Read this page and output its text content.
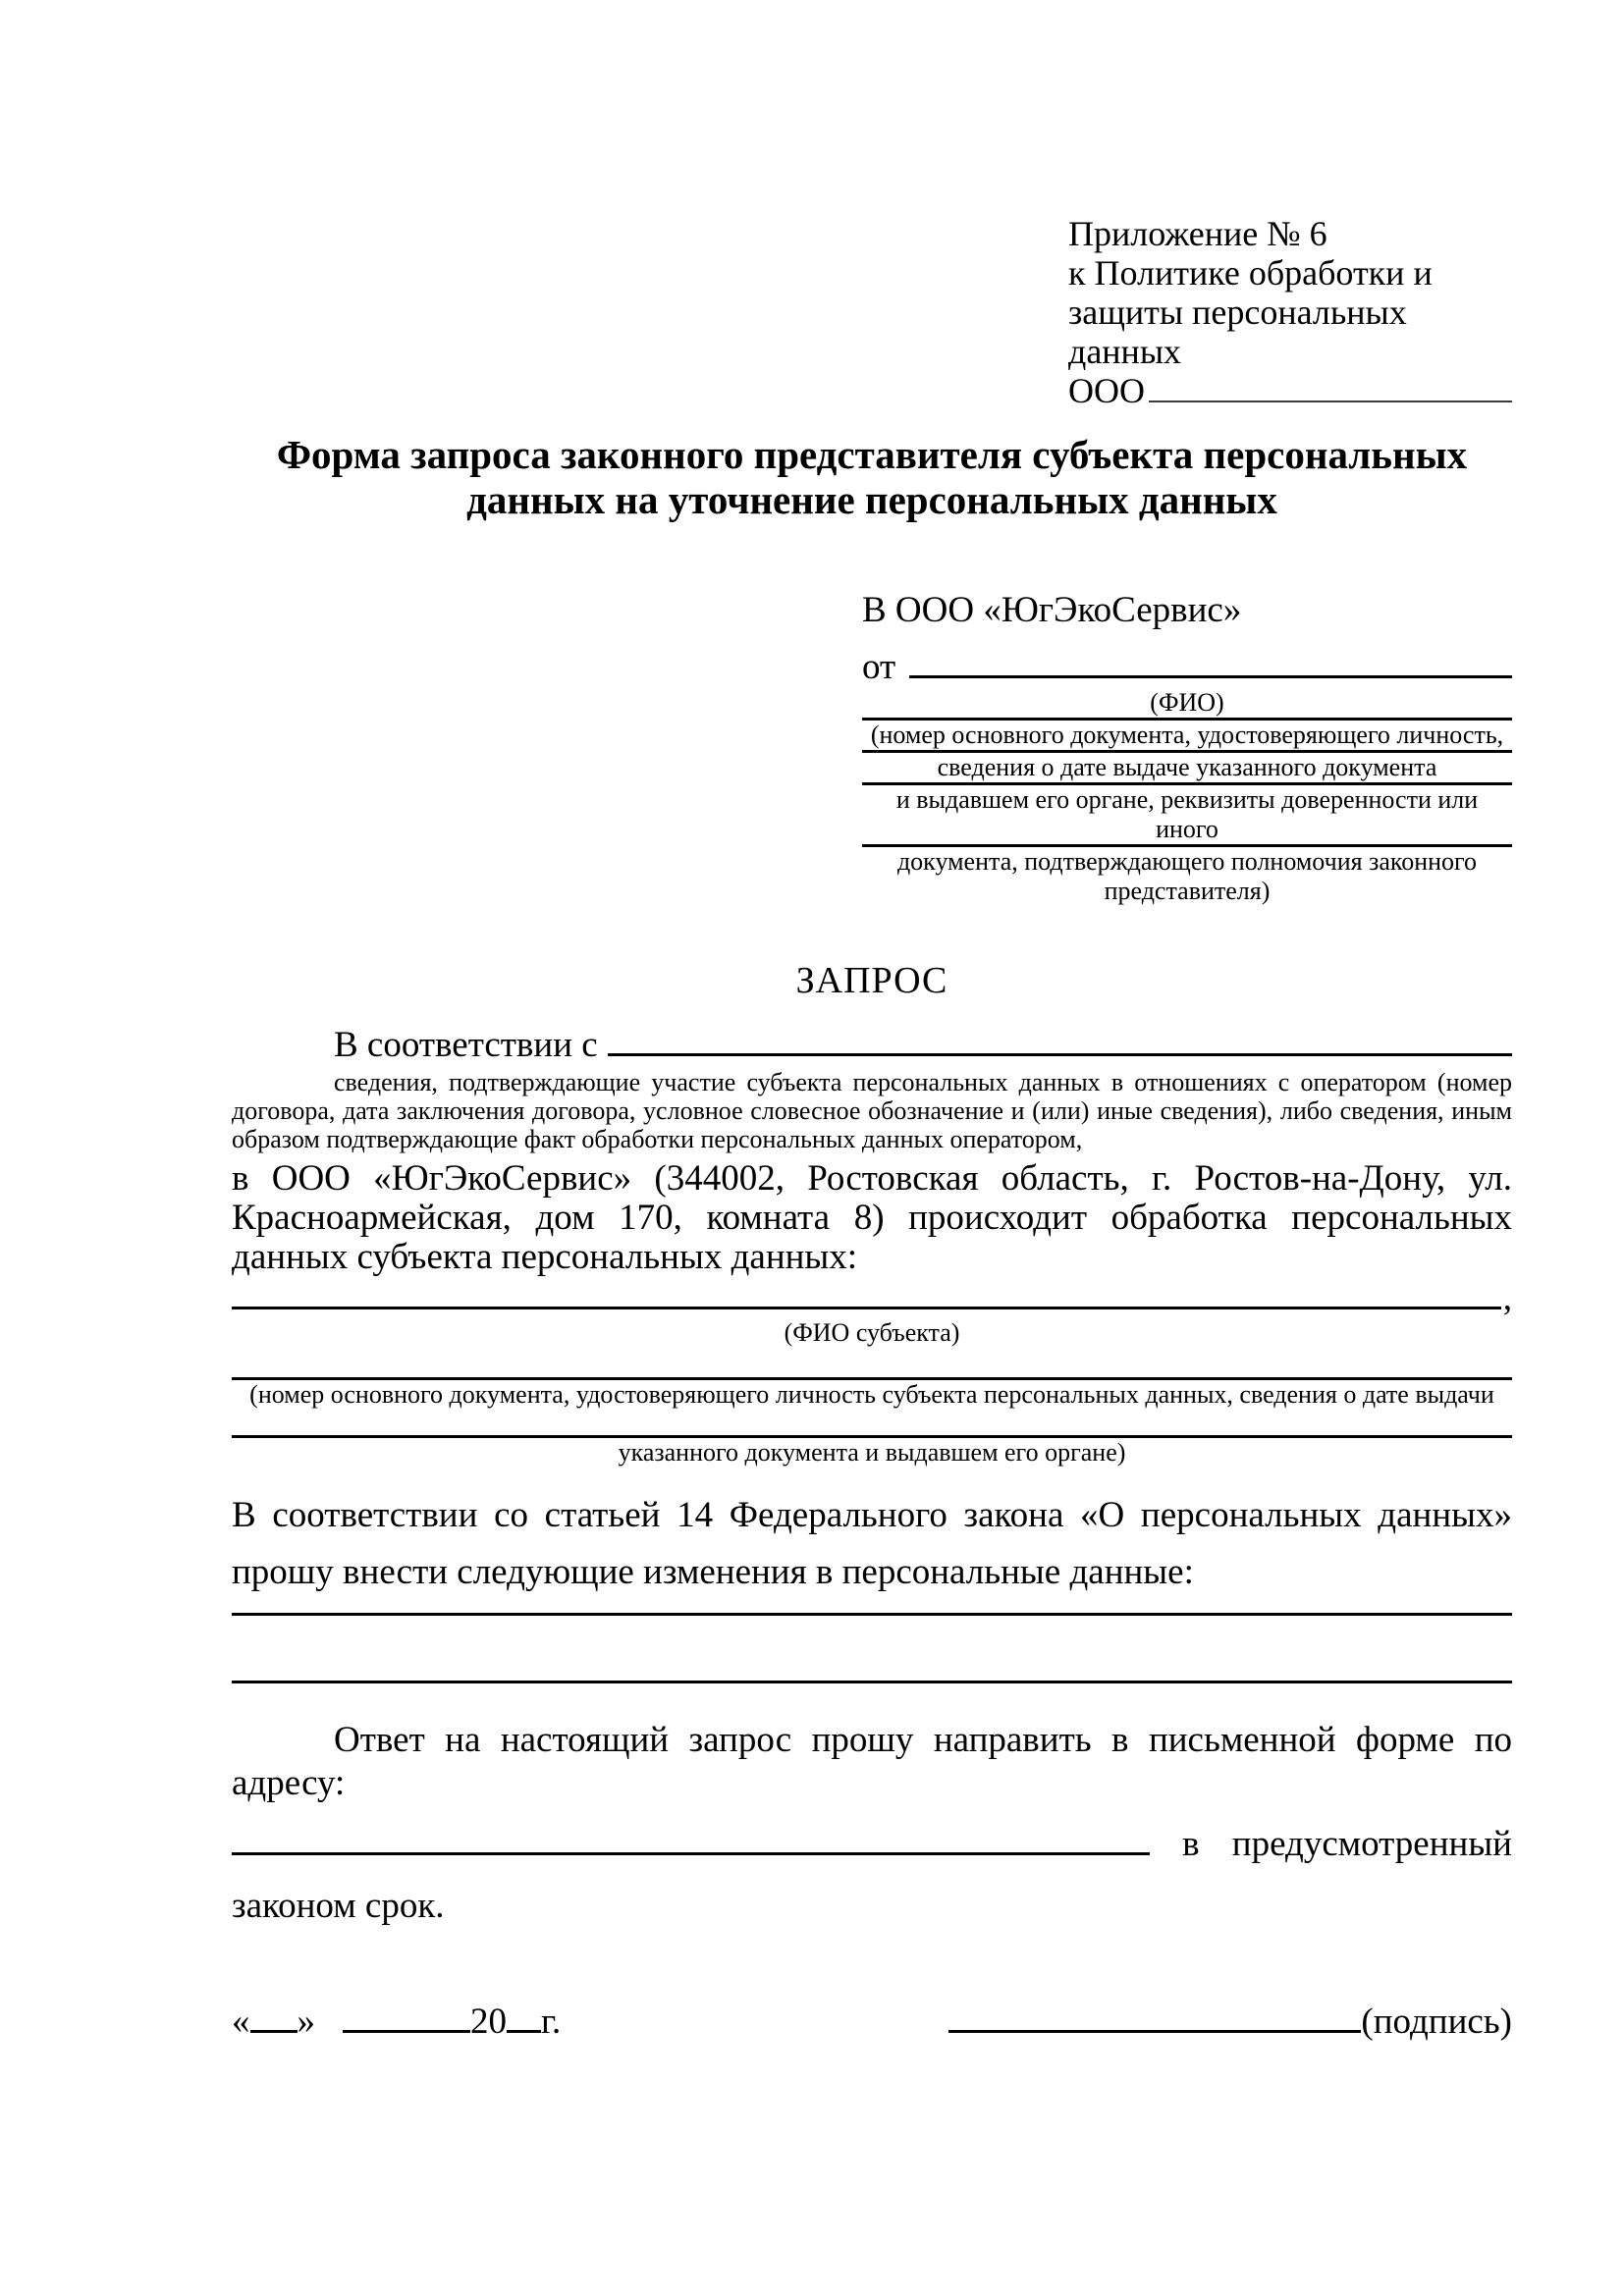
Приложение № 6
к Политике обработки и
защиты персональных данных
ООО
Форма запроса законного представителя субъекта персональных
данных на уточнение персональных данных
В ООО «ЮгЭкоСервис»
от
(ФИО)
(номер основного документа, удостоверяющего личность,
сведения о дате выдаче указанного документа
и выдавшем его органе, реквизиты доверенности или иного
документа, подтверждающего полномочия законного представителя)
ЗАПРОС
В соответствии с
сведения, подтверждающие участие субъекта персональных данных в отношениях с оператором (номер договора, дата заключения договора, условное словесное обозначение и (или) иные сведения), либо сведения, иным образом подтверждающие факт обработки персональных данных оператором,
в ООО «ЮгЭкоСервис» (344002, Ростовская область, г. Ростов-на-Дону, ул. Красноармейская, дом 170, комната 8) происходит обработка персональных данных субъекта персональных данных:
,
(ФИО субъекта)
(номер основного документа, удостоверяющего личность субъекта персональных данных, сведения о дате выдачи
указанного документа и выдавшем его органе)
В соответствии со статьей 14 Федерального закона «О персональных данных» прошу внести следующие изменения в персональные данные:
Ответ на настоящий запрос прошу направить в письменной форме по адресу:
в предусмотренный
законом срок.
« »	20 г.	(подпись)
